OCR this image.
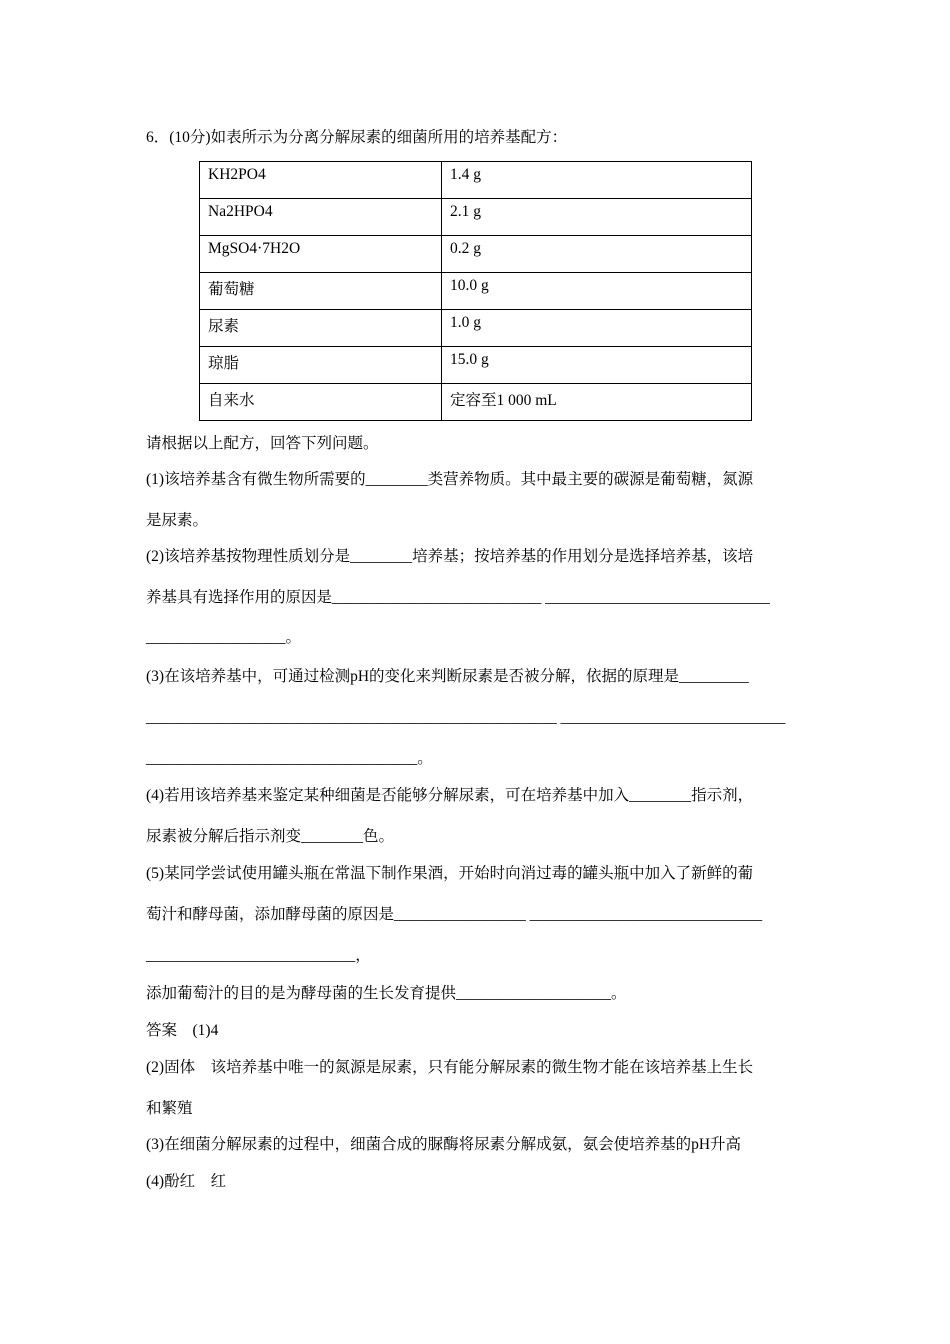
6．(10分)如表所示为分离分解尿素的细菌所用的培养基配方：
KH2PO4	1.4 g
Na2HPO4	2.1 g
MgSO4·7H2O	0.2 g
葡萄糖	10.0 g
尿素	1.0 g
琼脂	15.0 g
自来水	定容至1 000 mL
请根据以上配方，回答下列问题。
(1)该培养基含有微生物所需要的________类营养物质。其中最主要的碳源是葡萄糖，氮源
是尿素。
(2)该培养基按物理性质划分是________培养基；按培养基的作用划分是选择培养基，该培
养基具有选择作用的原因是___________________________ _____________________________
__________________。
(3)在该培养基中，可通过检测pH的变化来判断尿素是否被分解，依据的原理是_________
_____________________________________________________ _____________________________
___________________________________。
(4)若用该培养基来鉴定某种细菌是否能够分解尿素，可在培养基中加入________指示剂，
尿素被分解后指示剂变________色。
(5)某同学尝试使用罐头瓶在常温下制作果酒，开始时向消过毒的罐头瓶中加入了新鲜的葡
萄汁和酵母菌，添加酵母菌的原因是_________________ ______________________________
___________________________，
添加葡萄汁的目的是为酵母菌的生长发育提供____________________。
答案　(1)4
(2)固体　该培养基中唯一的氮源是尿素，只有能分解尿素的微生物才能在该培养基上生长
和繁殖
(3)在细菌分解尿素的过程中，细菌合成的脲酶将尿素分解成氨，氨会使培养基的pH升高
(4)酚红　红
